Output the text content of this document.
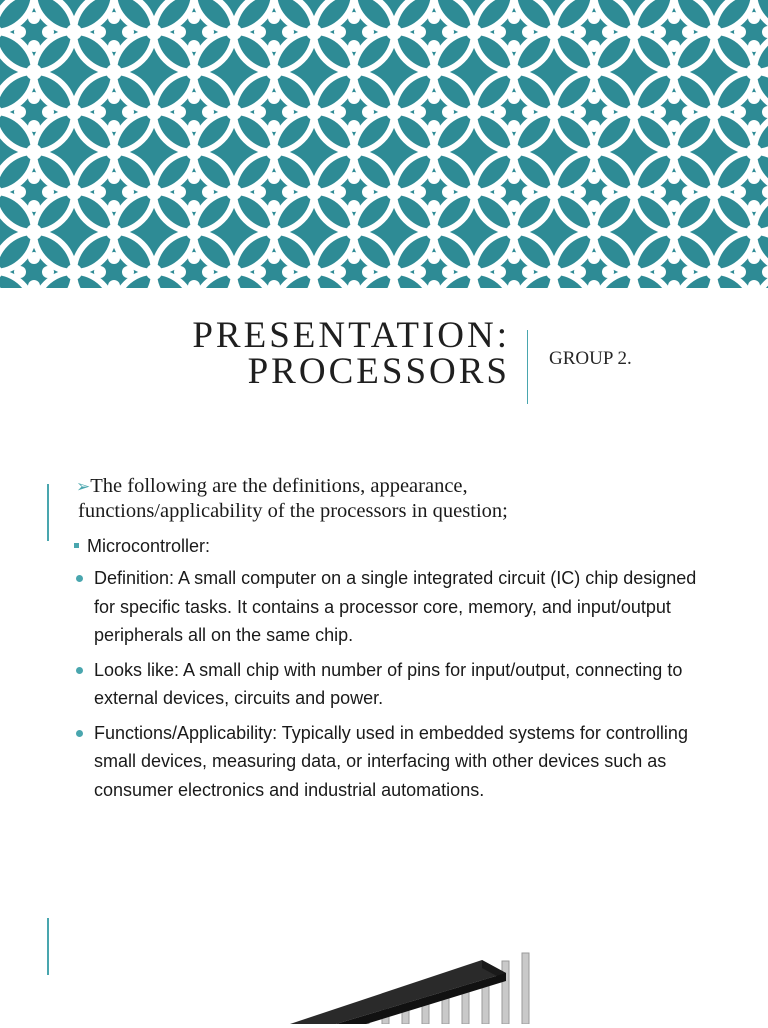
PRESENTATION:
PROCESSORS GROUP 2.
➢The following are the definitions, appearance,
functions/applicability of the processors in question;
Microcontroller:
Definition: A small computer on a single integrated circuit (IC) chip designed for specific tasks. It contains a processor core, memory, and input/output peripherals all on the same chip.
Looks like: A small chip with number of pins for input/output, connecting to external devices, circuits and power.
Functions/Applicability: Typically used in embedded systems for controlling small devices, measuring data, or interfacing with other devices such as consumer electronics and industrial automations.
